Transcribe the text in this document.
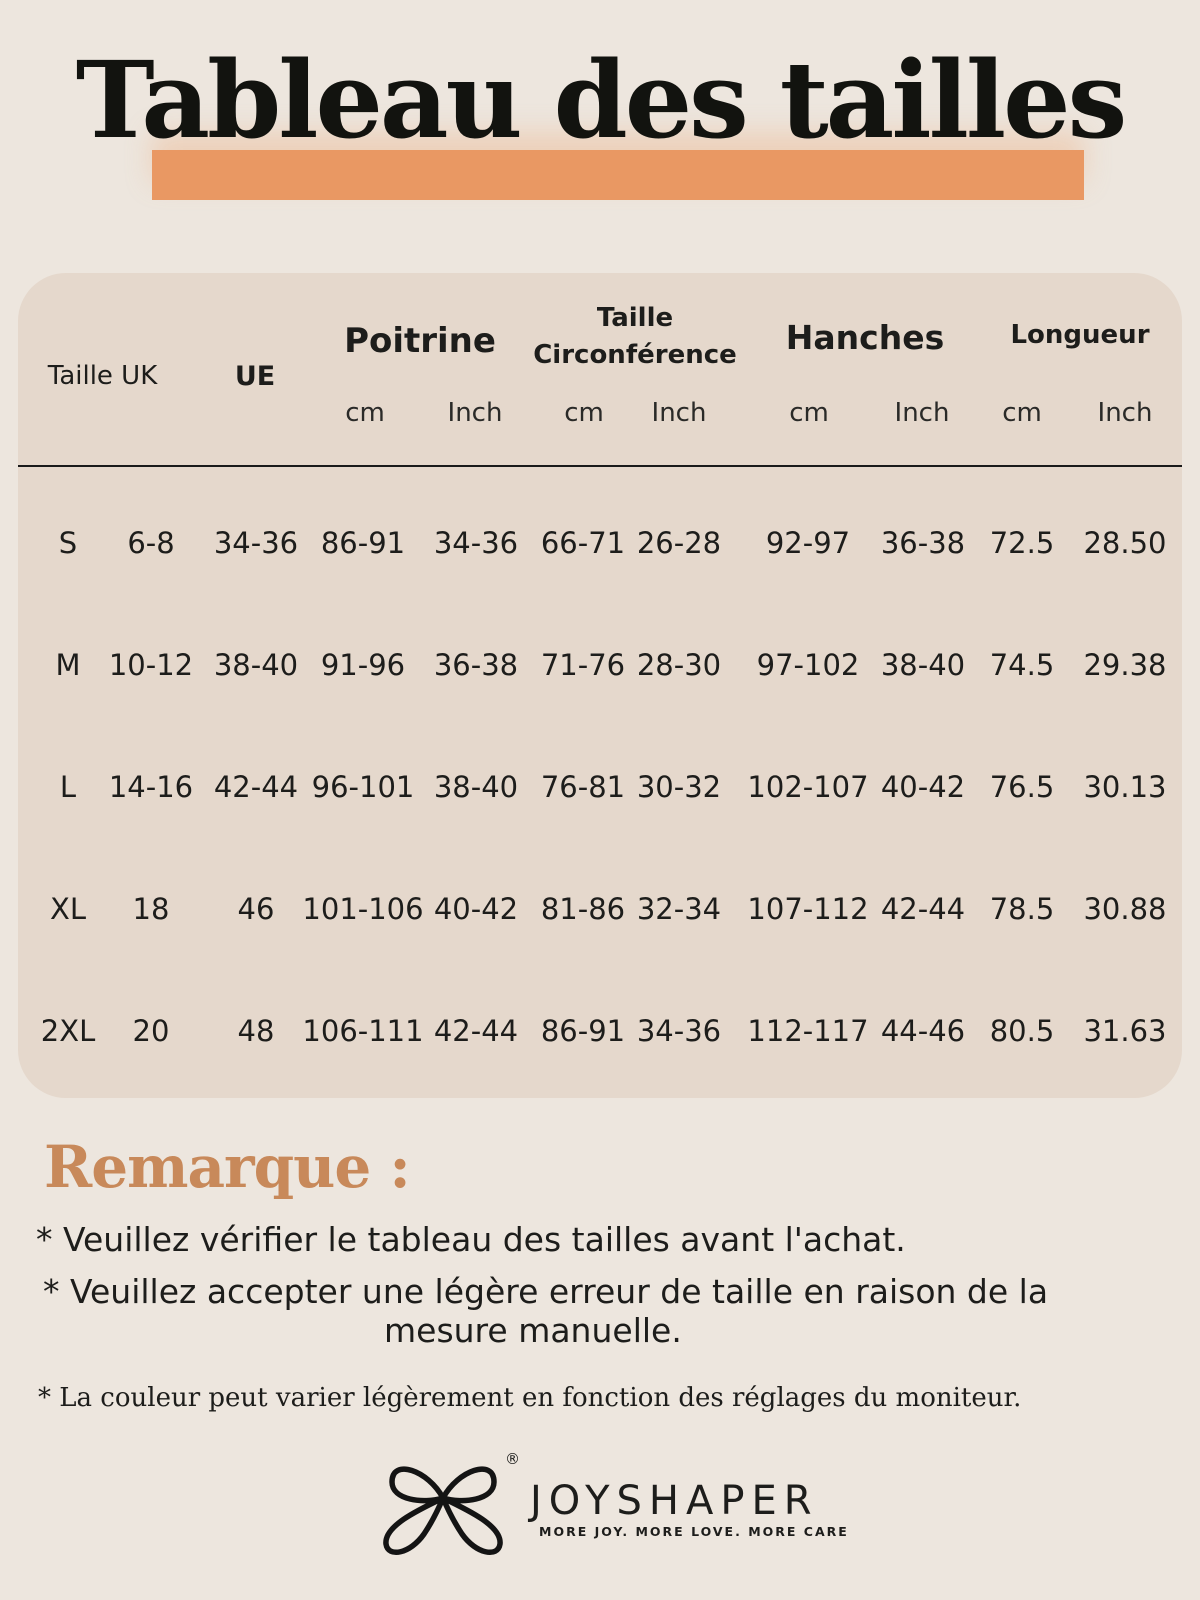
Tableau des tailles
Taille UK	UE
Poitrine
Taille
Circonférence	Hanches	Longueur
cm	Inch	cm	Inch	cm	Inch	cm	Inch
S 6-8 34-36 86-91 34-36 66-71 26-28 92-97 36-38 72.5 28.50
M 10-12 38-40 91-96 36-38 71-76 28-30 97-102 38-40 74.5 29.38
L 14-16 42-44 96-101 38-40 76-81 30-32 102-107 40-42 76.5 30.13
XL 18 46 101-106 40-42 81-86 32-34 107-112 42-44 78.5 30.88
2XL 20 48 106-111 42-44 86-91 34-36 112-117 44-46 80.5 31.63
Remarque :
* Veuillez vérifier le tableau des tailles avant l'achat.
* Veuillez accepter une légère erreur de taille en raison de la
mesure manuelle.
* La couleur peut varier légèrement en fonction des réglages du moniteur.
®
JOYSHAPER
MORE JOY. MORE LOVE. MORE CARE
